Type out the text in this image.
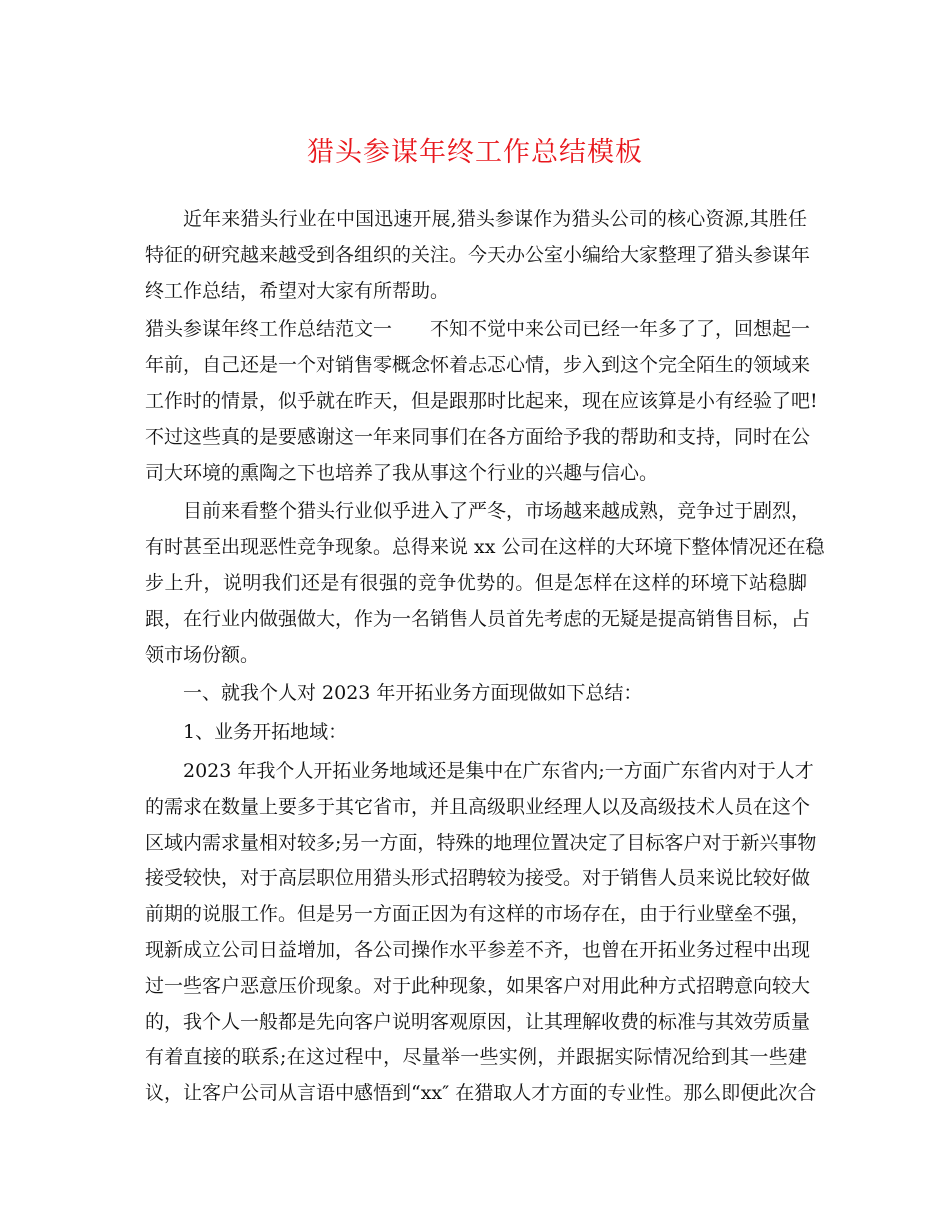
猎头参谋年终工作总结模板
近年来猎头行业在中国迅速开展,猎头参谋作为猎头公司的核心资源,其胜任
特征的研究越来越受到各组织的关注。今天办公室小编给大家整理了猎头参谋年
终工作总结，希望对大家有所帮助。
猎头参谋年终工作总结范文一　　不知不觉中来公司已经一年多了了，回想起一
年前，自己还是一个对销售零概念怀着忐忑心情，步入到这个完全陌生的领域来
工作时的情景，似乎就在昨天，但是跟那时比起来，现在应该算是小有经验了吧!
不过这些真的是要感谢这一年来同事们在各方面给予我的帮助和支持，同时在公
司大环境的熏陶之下也培养了我从事这个行业的兴趣与信心。
目前来看整个猎头行业似乎进入了严冬，市场越来越成熟，竞争过于剧烈，
有时甚至出现恶性竞争现象。总得来说 xx 公司在这样的大环境下整体情况还在稳
步上升，说明我们还是有很强的竞争优势的。但是怎样在这样的环境下站稳脚
跟，在行业内做强做大，作为一名销售人员首先考虑的无疑是提高销售目标，占
领市场份额。
一、就我个人对 2023 年开拓业务方面现做如下总结：
1、业务开拓地域：
2023 年我个人开拓业务地域还是集中在广东省内;一方面广东省内对于人才
的需求在数量上要多于其它省市，并且高级职业经理人以及高级技术人员在这个
区域内需求量相对较多;另一方面，特殊的地理位置决定了目标客户对于新兴事物
接受较快，对于高层职位用猎头形式招聘较为接受。对于销售人员来说比较好做
前期的说服工作。但是另一方面正因为有这样的市场存在，由于行业壁垒不强，
现新成立公司日益增加，各公司操作水平参差不齐，也曾在开拓业务过程中出现
过一些客户恶意压价现象。对于此种现象，如果客户对用此种方式招聘意向较大
的，我个人一般都是先向客户说明客观原因，让其理解收费的标准与其效劳质量
有着直接的联系;在这过程中，尽量举一些实例，并跟据实际情况给到其一些建
议，让客户公司从言语中感悟到“xx″ 在猎取人才方面的专业性。那么即便此次合
